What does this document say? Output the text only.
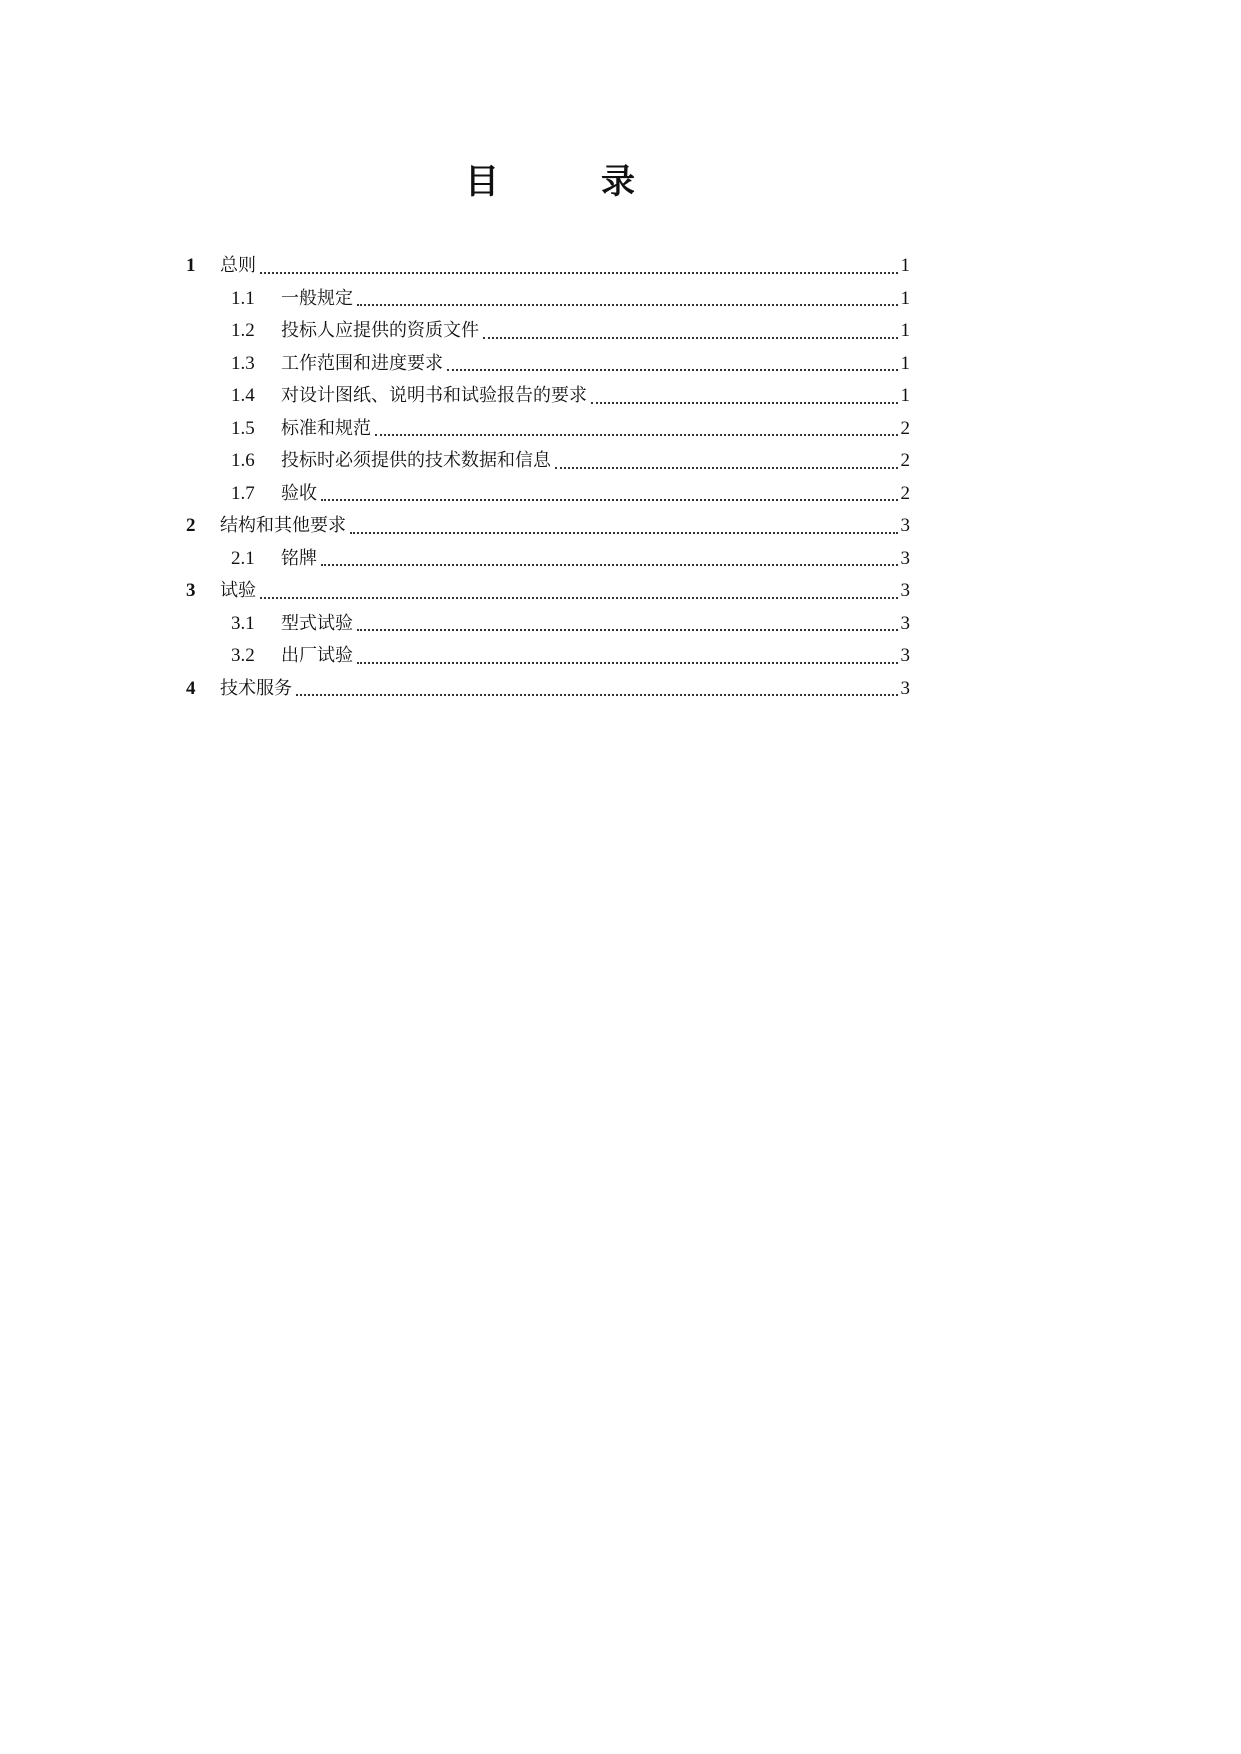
目　录
1	总则	1
1.1	一般规定	1
1.2	投标人应提供的资质文件	1
1.3	工作范围和进度要求	1
1.4	对设计图纸、说明书和试验报告的要求	1
1.5	标准和规范	2
1.6	投标时必须提供的技术数据和信息	2
1.7	验收	2
2	结构和其他要求	3
2.1	铭牌	3
3	试验	3
3.1	型式试验	3
3.2	出厂试验	3
4	技术服务	3
